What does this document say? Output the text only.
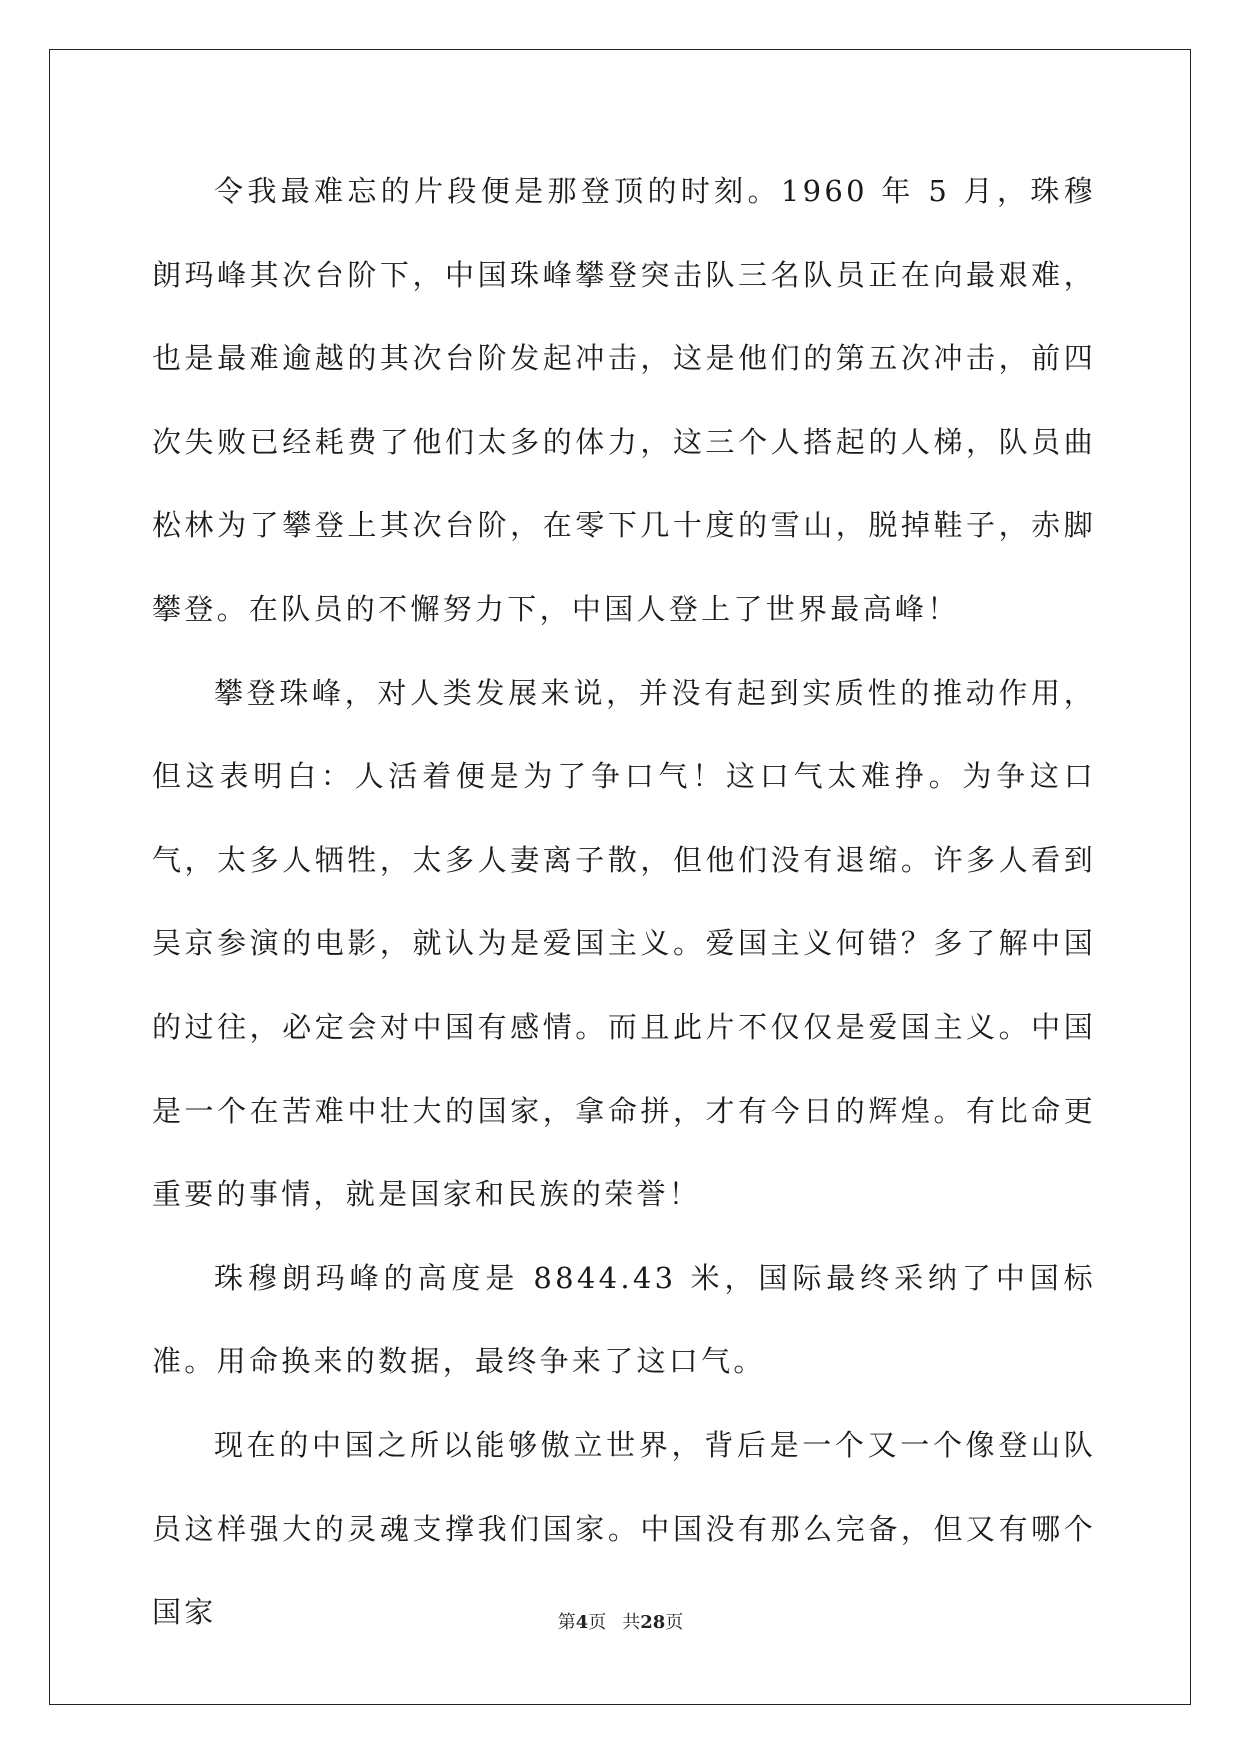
令我最难忘的片段便是那登顶的时刻。1960 年 5 月，珠穆朗玛峰其次台阶下，中国珠峰攀登突击队三名队员正在向最艰难，也是最难逾越的其次台阶发起冲击，这是他们的第五次冲击，前四次失败已经耗费了他们太多的体力，这三个人搭起的人梯，队员曲松林为了攀登上其次台阶，在零下几十度的雪山，脱掉鞋子，赤脚攀登。在队员的不懈努力下，中国人登上了世界最高峰！

攀登珠峰，对人类发展来说，并没有起到实质性的推动作用，但这表明白：人活着便是为了争口气！这口气太难挣。为争这口气，太多人牺牲，太多人妻离子散，但他们没有退缩。许多人看到吴京参演的电影，就认为是爱国主义。爱国主义何错？多了解中国的过往，必定会对中国有感情。而且此片不仅仅是爱国主义。中国是一个在苦难中壮大的国家，拿命拼，才有今日的辉煌。有比命更重要的事情，就是国家和民族的荣誉！

珠穆朗玛峰的高度是 8844.43 米，国际最终采纳了中国标准。用命换来的数据，最终争来了这口气。

现在的中国之所以能够傲立世界，背后是一个又一个像登山队员这样强大的灵魂支撑我们国家。中国没有那么完备，但又有哪个国家	第4页 共28页
